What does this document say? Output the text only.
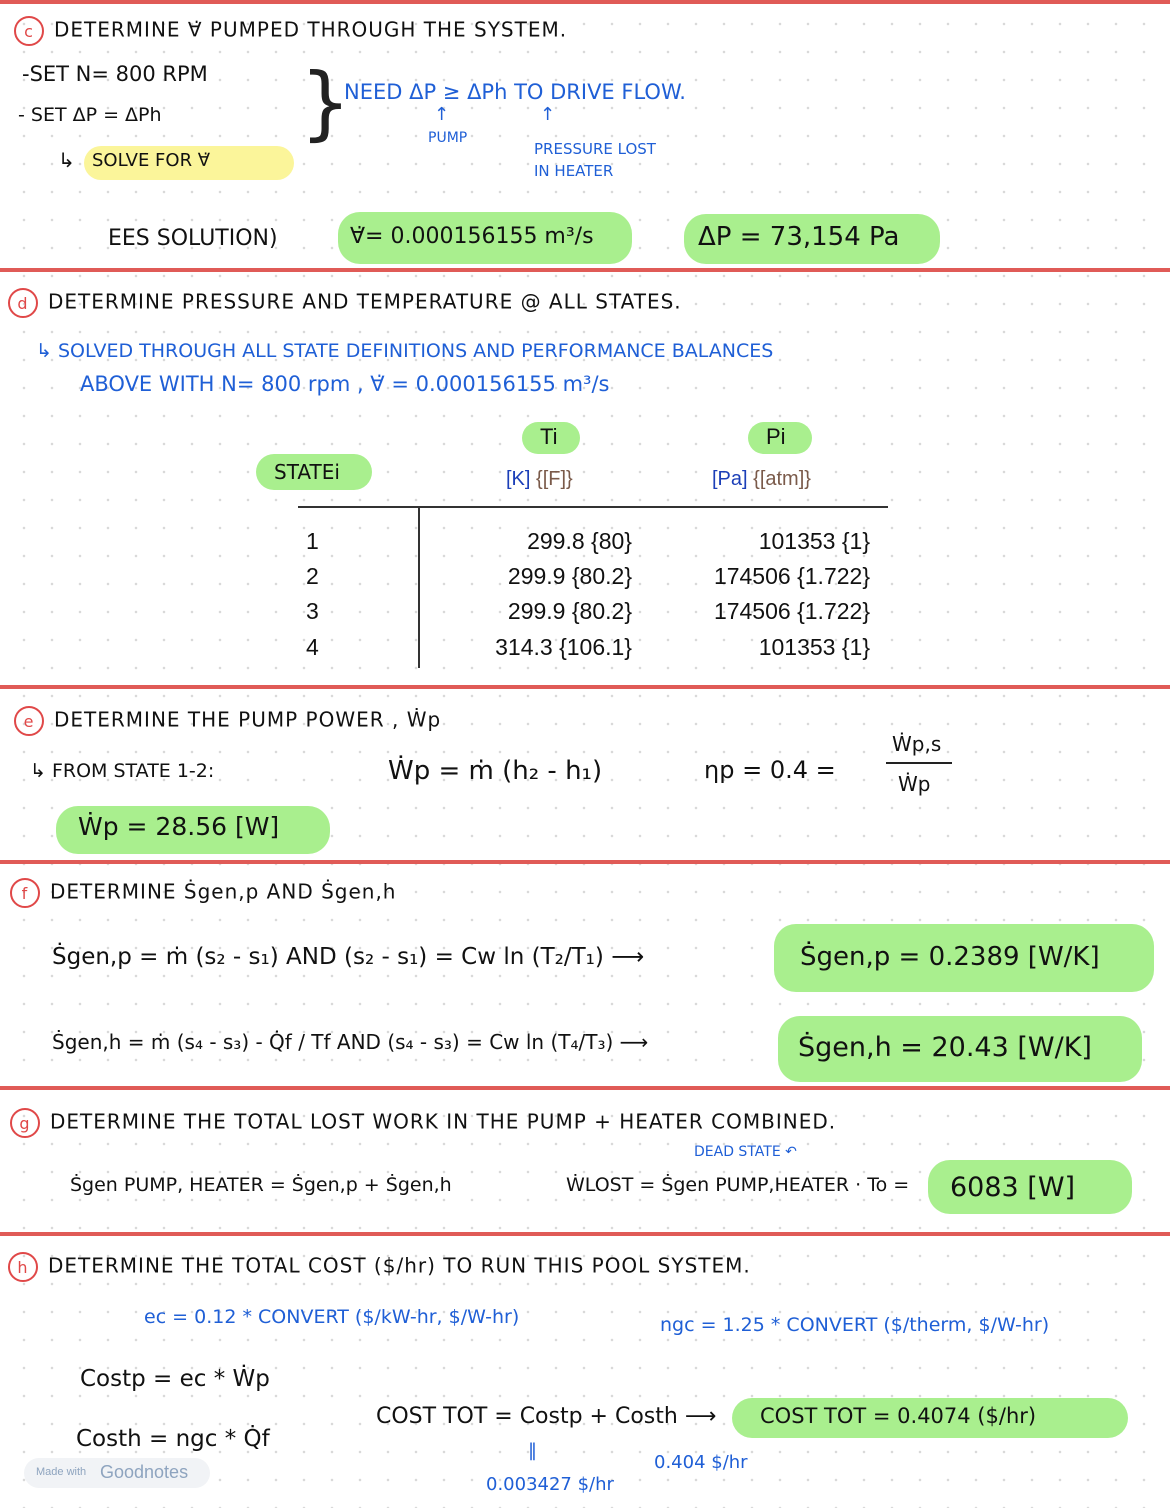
c DETERMINE ∀̇ PUMPED THROUGH THE SYSTEM.
-SET N= 800 RPM
- SET ΔP = ΔPh
↳ SOLVE FOR ∀̇
}
NEED ΔP ≥ ΔPh TO DRIVE FLOW.
↑
PUMP
↑
PRESSURE LOST
IN HEATER
EES SOLUTION)	∀̇= 0.000156155 m³/s	ΔP = 73,154 Pa
d DETERMINE PRESSURE AND TEMPERATURE @ ALL STATES.
↳ SOLVED THROUGH ALL STATE DEFINITIONS AND PERFORMANCE BALANCES
ABOVE WITH N= 800 rpm , ∀̇ = 0.000156155 m³/s
Ti	Pi
STATEi	[K] {[F]}	[Pa] {[atm]}
1	299.8 {80}	101353 {1}
2	299.9 {80.2}	174506 {1.722}
3	299.9 {80.2}	174506 {1.722}
4	314.3 {106.1}	101353 {1}
e DETERMINE THE PUMP POWER , Ẇp
↳ FROM STATE 1-2:	Ẇp = ṁ (h₂ - h₁)	ηp = 0.4 =
Ẇp,s
Ẇp
Ẇp = 28.56 [W]
f DETERMINE Ṡgen,p AND Ṡgen,h
Ṡgen,p = ṁ (s₂ - s₁) AND (s₂ - s₁) = Cw ln (T₂/T₁) ⟶	Ṡgen,p = 0.2389 [W/K]
Ṡgen,h = ṁ (s₄ - s₃) - Q̇f / Tf AND (s₄ - s₃) = Cw ln (T₄/T₃) ⟶	Ṡgen,h = 20.43 [W/K]
g DETERMINE THE TOTAL LOST WORK IN THE PUMP + HEATER COMBINED.
DEAD STATE ↶
Ṡgen PUMP, HEATER = Ṡgen,p + Ṡgen,h	ẆLOST = Ṡgen PUMP,HEATER · To = 6083 [W]
h DETERMINE THE TOTAL COST ($/hr) TO RUN THIS POOL SYSTEM.
ec = 0.12 * CONVERT ($/kW-hr, $/W-hr)	ngc = 1.25 * CONVERT ($/therm, $/W-hr)
Costp = ec * Ẇp
Costh = ngc * Q̇f
COST TOT = Costp + Costh ⟶ COST TOT = 0.4074 ($/hr)
‖
0.003427 $/hr
0.404 $/hr
Made with Goodnotes
